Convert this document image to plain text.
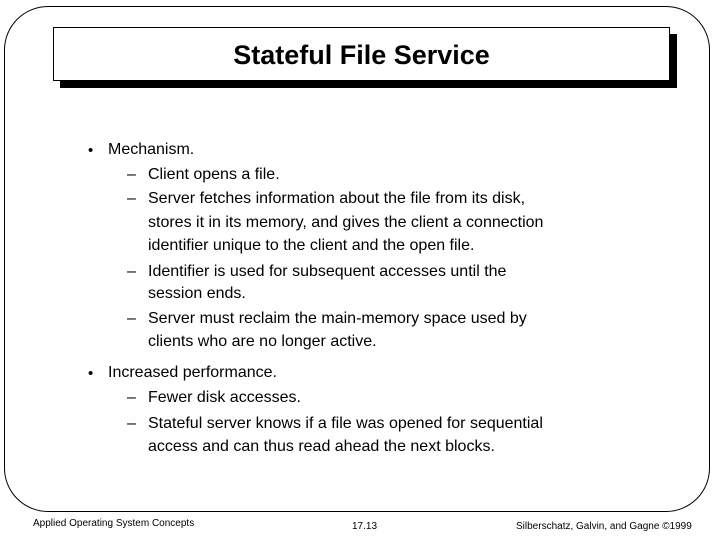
Stateful File Service
• Mechanism.
– Client opens a file.
– Server fetches information about the file from its disk,
stores it in its memory, and gives the client a connection
identifier unique to the client and the open file.
– Identifier is used for subsequent accesses until the
session ends.
– Server must reclaim the main-memory space used by
clients who are no longer active.
• Increased performance.
– Fewer disk accesses.
– Stateful server knows if a file was opened for sequential
access and can thus read ahead the next blocks.
Applied Operating System Concepts	17.13	Silberschatz, Galvin, and Gagne ©1999
